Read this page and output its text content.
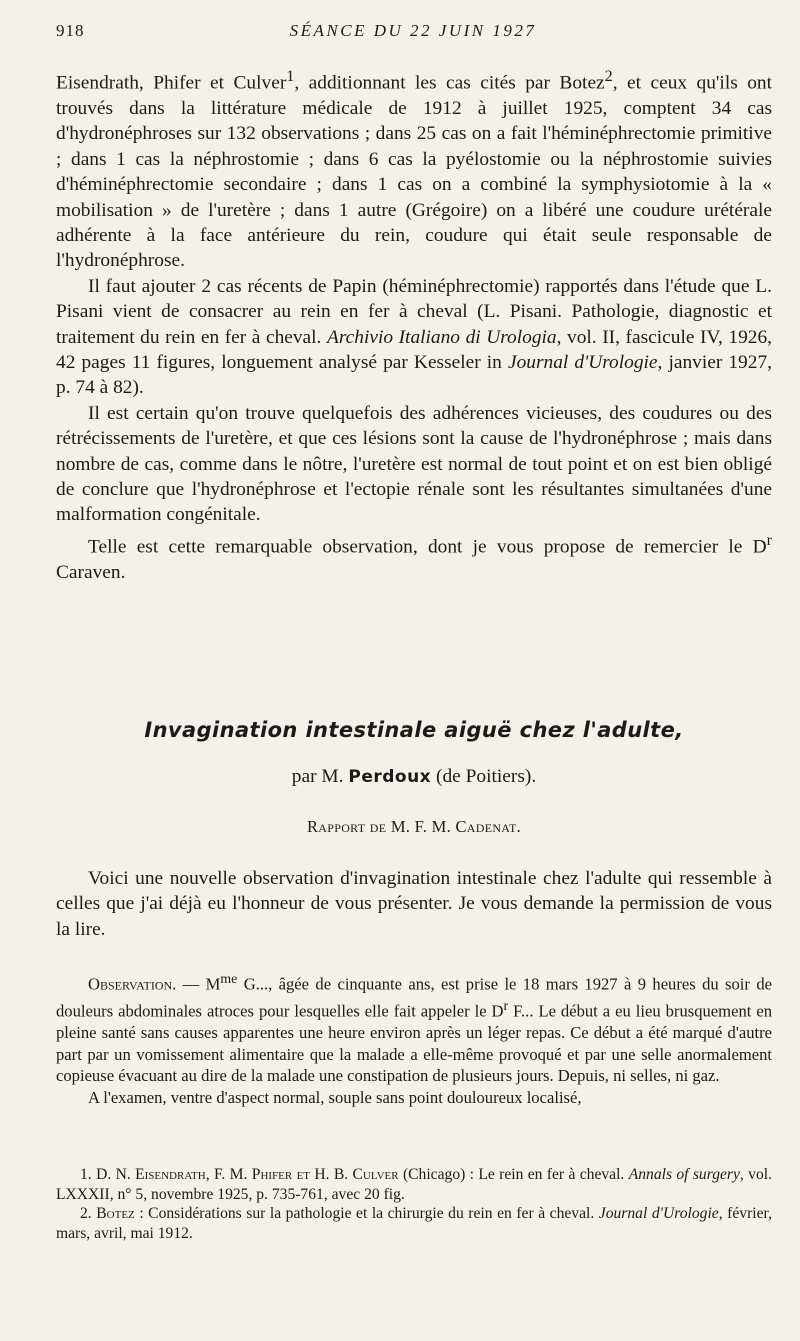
918	SÉANCE DU 22 JUIN 1927

Eisendrath, Phifer et Culver$^1$, additionnant les cas cités par Botez$^2$, et ceux qu'ils ont trouvés dans la littérature médicale de 1912 à juillet 1925, comptent 34 cas d'hydronéphroses sur 132 observations ; dans 25 cas on a fait l'héminéphrectomie primitive ; dans 1 cas la néphrostomie ; dans 6 cas la pyélostomie ou la néphrostomie suivies d'héminéphrectomie secondaire ; dans 1 cas on a combiné la symphysiotomie à la « mobilisation » de l'uretère ; dans 1 autre (Grégoire) on a libéré une coudure urétérale adhérente à la face antérieure du rein, coudure qui était seule responsable de l'hydronéphrose.

Il faut ajouter 2 cas récents de Papin (héminéphrectomie) rapportés dans l'étude que L. Pisani vient de consacrer au rein en fer à cheval (L. Pisani. Pathologie, diagnostic et traitement du rein en fer à cheval. Archivio Italiano di Urologia, vol. II, fascicule IV, 1926, 42 pages 11 figures, longuement analysé par Kesseler in Journal d'Urologie, janvier 1927, p. 74 à 82).

Il est certain qu'on trouve quelquefois des adhérences vicieuses, des coudures ou des rétrécissements de l'uretère, et que ces lésions sont la cause de l'hydronéphrose ; mais dans nombre de cas, comme dans le nôtre, l'uretère est normal de tout point et on est bien obligé de conclure que l'hydronéphrose et l'ectopie rénale sont les résultantes simultanées d'une malformation congénitale.

Telle est cette remarquable observation, dont je vous propose de remercier le $D^r$ Caraven.

Invagination intestinale aiguë chez l'adulte,
par M. Perdoux (de Poitiers).
Rapport de M. F. M. Cadenat.

Voici une nouvelle observation d'invagination intestinale chez l'adulte qui ressemble à celles que j'ai déjà eu l'honneur de vous présenter. Je vous demande la permission de vous la lire.

Observation. — $M^{me}$ G..., âgée de cinquante ans, est prise le 18 mars 1927 à 9 heures du soir de douleurs abdominales atroces pour lesquelles elle fait appeler le $D^r$ F... Le début a eu lieu brusquement en pleine santé sans causes apparentes une heure environ après un léger repas. Ce début a été marqué d'autre part par un vomissement alimentaire que la malade a elle-même provoqué et par une selle anormalement copieuse évacuant au dire de la malade une constipation de plusieurs jours. Depuis, ni selles, ni gaz.

A l'examen, ventre d'aspect normal, souple sans point douloureux localisé,

1. D. N. Eisendrath, F. M. Phifer et H. B. Culver (Chicago) : Le rein en fer à cheval. Annals of surgery, vol. LXXXII, n° 5, novembre 1925, p. 735-761, avec 20 fig.

2. Botez : Considérations sur la pathologie et la chirurgie du rein en fer à cheval. Journal d'Urologie, février, mars, avril, mai 1912.
